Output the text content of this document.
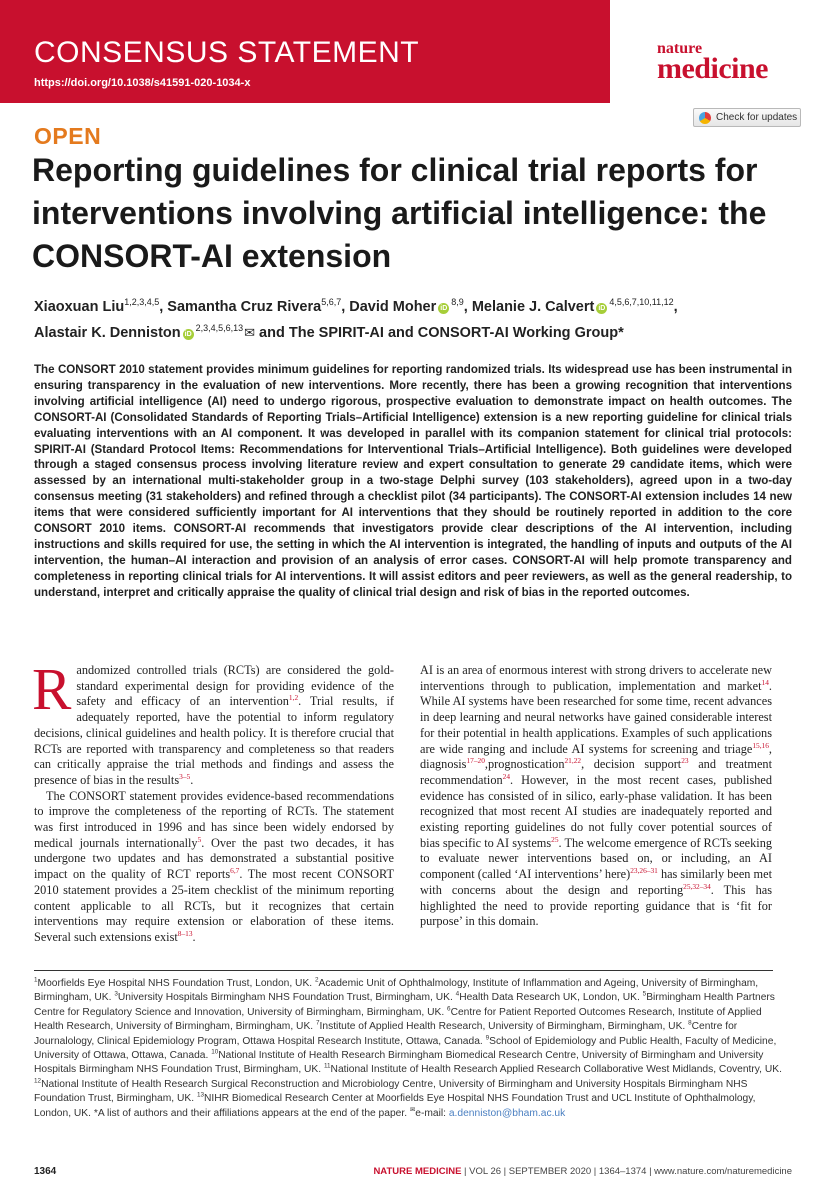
CONSENSUS STATEMENT
https://doi.org/10.1038/s41591-020-1034-x
nature
medicine
Check for updates
OPEN
Reporting guidelines for clinical trial reports for interventions involving artificial intelligence: the CONSORT-AI extension
Xiaoxuan Liu$^{1,2,3,4,5}$, Samantha Cruz Rivera$^{5,6,7}$, David Moher iD$^{8,9}$, Melanie J. Calvert iD$^{4,5,6,7,10,11,12}$,
Alastair K. Denniston iD$^{2,3,4,5,6,13}$✉ and The SPIRIT-AI and CONSORT-AI Working Group*

The CONSORT 2010 statement provides minimum guidelines for reporting randomized trials. Its widespread use has been instrumental in ensuring transparency in the evaluation of new interventions. More recently, there has been a growing recognition that interventions involving artificial intelligence (AI) need to undergo rigorous, prospective evaluation to demonstrate impact on health outcomes. The CONSORT-AI (Consolidated Standards of Reporting Trials–Artificial Intelligence) extension is a new reporting guideline for clinical trials evaluating interventions with an AI component. It was developed in parallel with its companion statement for clinical trial protocols: SPIRIT-AI (Standard Protocol Items: Recommendations for Interventional Trials–Artificial Intelligence). Both guidelines were developed through a staged consensus process involving literature review and expert consultation to generate 29 candidate items, which were assessed by an international multi-stakeholder group in a two-stage Delphi survey (103 stakeholders), agreed upon in a two-day consensus meeting (31 stakeholders) and refined through a checklist pilot (34 participants). The CONSORT-AI extension includes 14 new items that were considered sufficiently important for AI interventions that they should be routinely reported in addition to the core CONSORT 2010 items. CONSORT-AI recommends that investigators provide clear descriptions of the AI intervention, including instructions and skills required for use, the setting in which the AI intervention is integrated, the handling of inputs and outputs of the AI intervention, the human–AI interaction and provision of an analysis of error cases. CONSORT-AI will help promote transparency and completeness in reporting clinical trials for AI interventions. It will assist editors and peer reviewers, as well as the general readership, to understand, interpret and critically appraise the quality of clinical trial design and risk of bias in the reported outcomes.

Randomized controlled trials (RCTs) are considered the gold-standard experimental design for providing evidence of the safety and efficacy of an intervention$^{1,2}$. Trial results, if adequately reported, have the potential to inform regulatory decisions, clinical guidelines and health policy. It is therefore crucial that RCTs are reported with transparency and completeness so that readers can critically appraise the trial methods and findings and assess the presence of bias in the results$^{3-5}$.

The CONSORT statement provides evidence-based recommendations to improve the completeness of the reporting of RCTs. The statement was first introduced in 1996 and has since been widely endorsed by medical journals internationally$^5$. Over the past two decades, it has undergone two updates and has demonstrated a substantial positive impact on the quality of RCT reports$^{6,7}$. The most recent CONSORT 2010 statement provides a 25-item checklist of the minimum reporting content applicable to all RCTs, but it recognizes that certain interventions may require extension or elaboration of these items. Several such extensions exist$^{8-13}$.

AI is an area of enormous interest with strong drivers to accelerate new interventions through to publication, implementation and market$^{14}$. While AI systems have been researched for some time, recent advances in deep learning and neural networks have gained considerable interest for their potential in health applications. Examples of such applications are wide ranging and include AI systems for screening and triage$^{15,16}$, diagnosis$^{17-20}$,prognostication$^{21,22}$, decision support$^{23}$ and treatment recommendation$^{24}$. However, in the most recent cases, published evidence has consisted of in silico, early-phase validation. It has been recognized that most recent AI studies are inadequately reported and existing reporting guidelines do not fully cover potential sources of bias specific to AI systems$^{25}$. The welcome emergence of RCTs seeking to evaluate newer interventions based on, or including, an AI component (called ‘AI interventions’ here)$^{23,26-31}$ has similarly been met with concerns about the design and reporting$^{25,32-34}$. This has highlighted the need to provide reporting guidance that is ‘fit for purpose’ in this domain.

$^1$Moorfields Eye Hospital NHS Foundation Trust, London, UK. $^2$Academic Unit of Ophthalmology, Institute of Inflammation and Ageing, University of Birmingham, Birmingham, UK. $^3$University Hospitals Birmingham NHS Foundation Trust, Birmingham, UK. $^4$Health Data Research UK, London, UK. $^5$Birmingham Health Partners Centre for Regulatory Science and Innovation, University of Birmingham, Birmingham, UK. $^6$Centre for Patient Reported Outcomes Research, Institute of Applied Health Research, University of Birmingham, Birmingham, UK. $^7$Institute of Applied Health Research, University of Birmingham, Birmingham, UK. $^8$Centre for Journalology, Clinical Epidemiology Program, Ottawa Hospital Research Institute, Ottawa, Canada. $^9$School of Epidemiology and Public Health, Faculty of Medicine, University of Ottawa, Ottawa, Canada. $^{10}$National Institute of Health Research Birmingham Biomedical Research Centre, University of Birmingham and University Hospitals Birmingham NHS Foundation Trust, Birmingham, UK. $^{11}$National Institute of Health Research Applied Research Collaborative West Midlands, Coventry, UK. $^{12}$National Institute of Health Research Surgical Reconstruction and Microbiology Centre, University of Birmingham and University Hospitals Birmingham NHS Foundation Trust, Birmingham, UK. $^{13}$NIHR Biomedical Research Center at Moorfields Eye Hospital NHS Foundation Trust and UCL Institute of Ophthalmology, London, UK. *A list of authors and their affiliations appears at the end of the paper. ✉e-mail: a.denniston@bham.ac.uk

1364	NATURE MEDICINE | VOL 26 | SEPTEMBER 2020 | 1364–1374 | www.nature.com/naturemedicine
